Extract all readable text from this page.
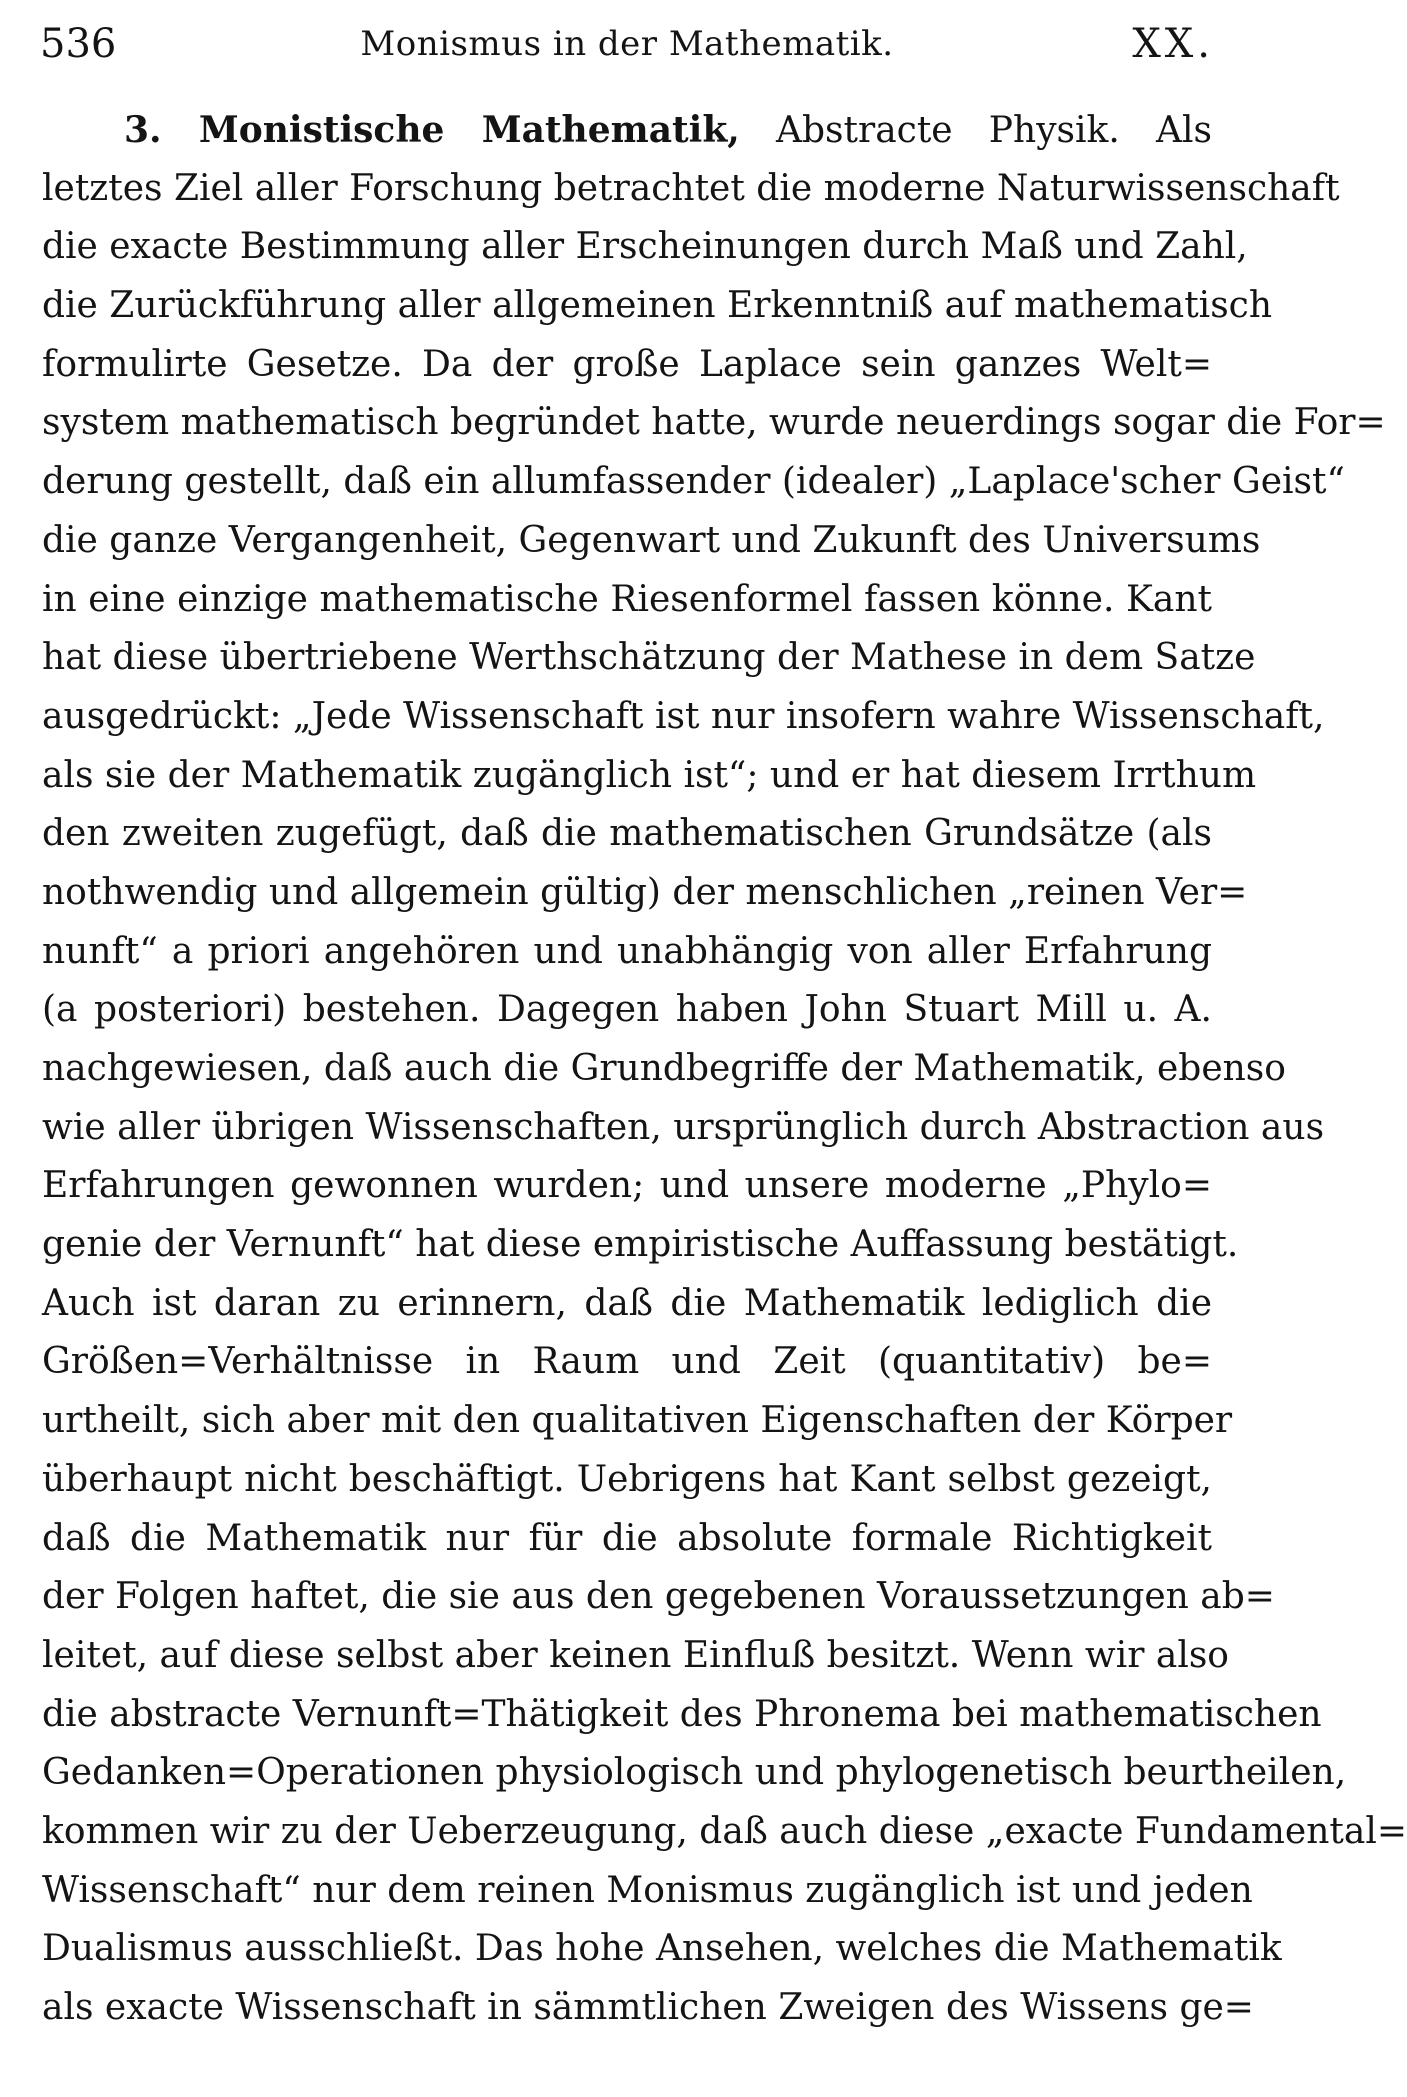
536	Monismus in der Mathematik.	XX.
3. Monistische Mathematik, Abstracte Physik. Als
letztes Ziel aller Forschung betrachtet die moderne Naturwissenschaft
die exacte Bestimmung aller Erscheinungen durch Maß und Zahl,
die Zurückführung aller allgemeinen Erkenntniß auf mathematisch
formulirte Gesetze. Da der große Laplace sein ganzes Welt=
system mathematisch begründet hatte, wurde neuerdings sogar die For=
derung gestellt, daß ein allumfassender (idealer) „Laplace'scher Geist“
die ganze Vergangenheit, Gegenwart und Zukunft des Universums
in eine einzige mathematische Riesenformel fassen könne. Kant
hat diese übertriebene Werthschätzung der Mathese in dem Satze
ausgedrückt: „Jede Wissenschaft ist nur insofern wahre Wissenschaft,
als sie der Mathematik zugänglich ist“; und er hat diesem Irrthum
den zweiten zugefügt, daß die mathematischen Grundsätze (als
nothwendig und allgemein gültig) der menschlichen „reinen Ver=
nunft“ a priori angehören und unabhängig von aller Erfahrung
(a posteriori) bestehen. Dagegen haben John Stuart Mill u. A.
nachgewiesen, daß auch die Grundbegriffe der Mathematik, ebenso
wie aller übrigen Wissenschaften, ursprünglich durch Abstraction aus
Erfahrungen gewonnen wurden; und unsere moderne „Phylo=
genie der Vernunft“ hat diese empiristische Auffassung bestätigt.
Auch ist daran zu erinnern, daß die Mathematik lediglich die
Größen=Verhältnisse in Raum und Zeit (quantitativ) be=
urtheilt, sich aber mit den qualitativen Eigenschaften der Körper
überhaupt nicht beschäftigt. Uebrigens hat Kant selbst gezeigt,
daß die Mathematik nur für die absolute formale Richtigkeit
der Folgen haftet, die sie aus den gegebenen Voraussetzungen ab=
leitet, auf diese selbst aber keinen Einfluß besitzt. Wenn wir also
die abstracte Vernunft=Thätigkeit des Phronema bei mathematischen
Gedanken=Operationen physiologisch und phylogenetisch beurtheilen,
kommen wir zu der Ueberzeugung, daß auch diese „exacte Fundamental=
Wissenschaft“ nur dem reinen Monismus zugänglich ist und jeden
Dualismus ausschließt. Das hohe Ansehen, welches die Mathematik
als exacte Wissenschaft in sämmtlichen Zweigen des Wissens ge=
